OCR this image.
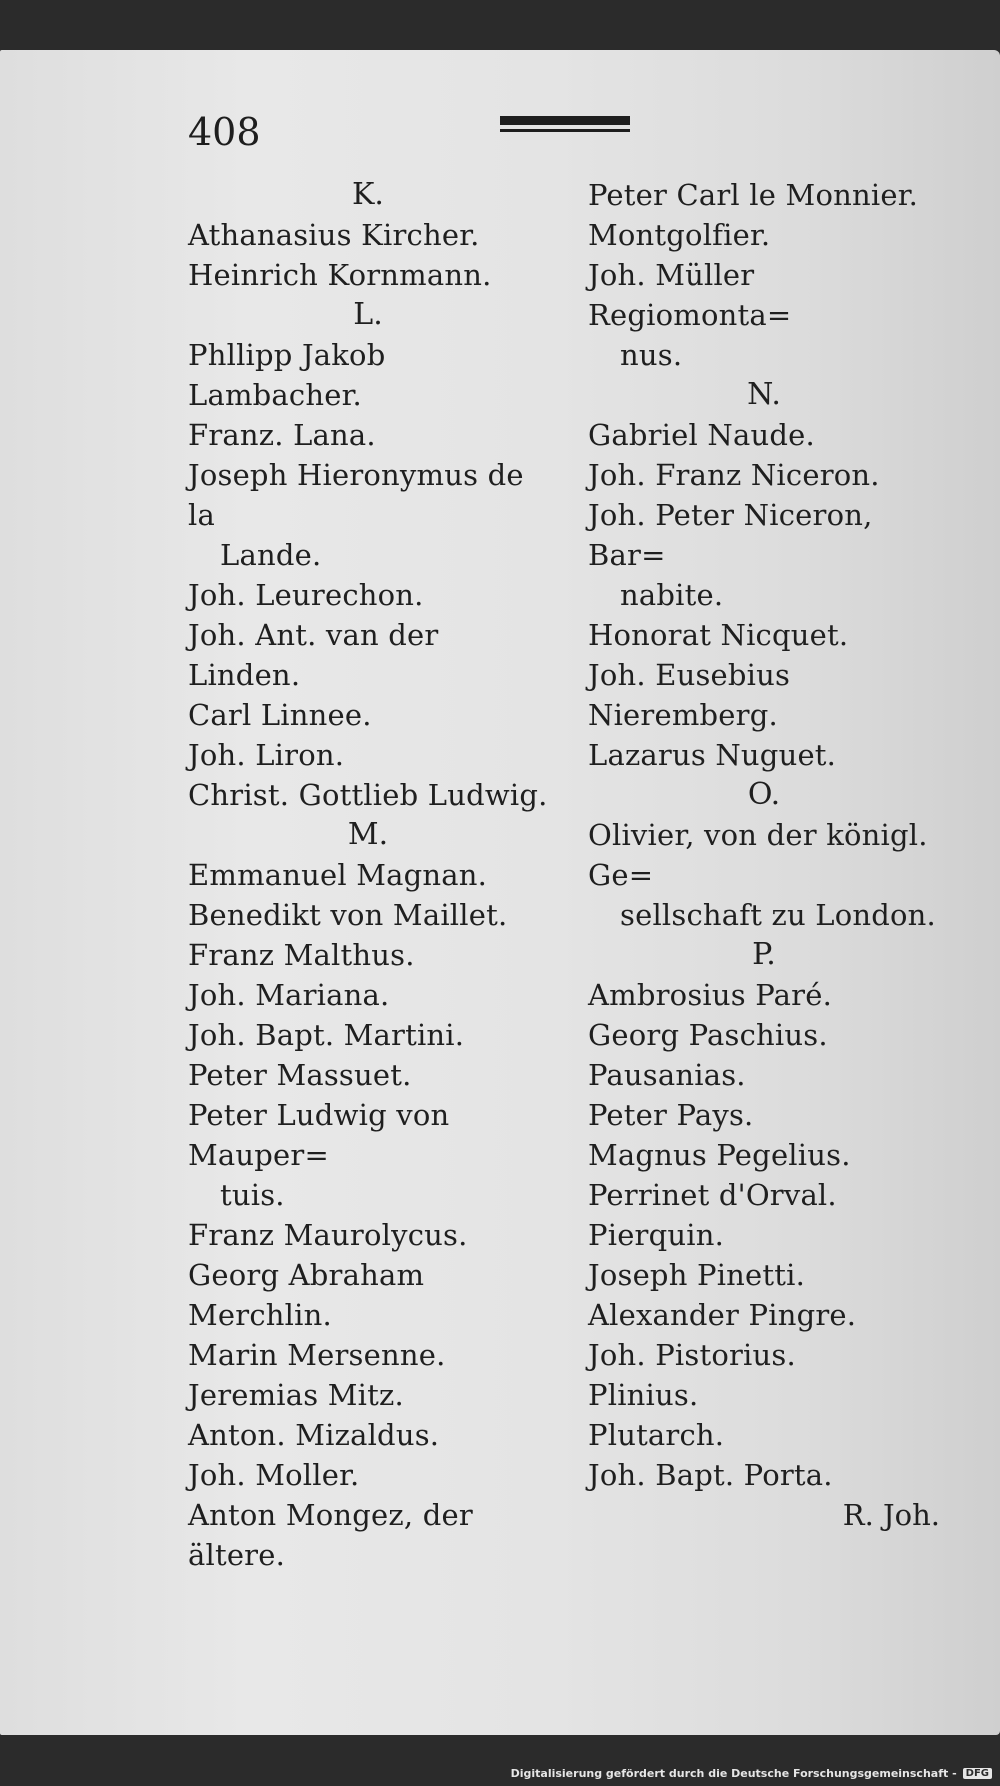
408
K.
Athanasius Kircher.
Heinrich Kornmann.
L.
Phllipp Jakob Lambacher.
Franz. Lana.
Joseph Hieronymus de la
Lande.
Joh. Leurechon.
Joh. Ant. van der Linden.
Carl Linnee.
Joh. Liron.
Christ. Gottlieb Ludwig.
M.
Emmanuel Magnan.
Benedikt von Maillet.
Franz Malthus.
Joh. Mariana.
Joh. Bapt. Martini.
Peter Massuet.
Peter Ludwig von Mauper=
tuis.
Franz Maurolycus.
Georg Abraham Merchlin.
Marin Mersenne.
Jeremias Mitz.
Anton. Mizaldus.
Joh. Moller.
Anton Mongez, der ältere.
Peter Carl le Monnier.
Montgolfier.
Joh. Müller Regiomonta=
nus.
N.
Gabriel Naude.
Joh. Franz Niceron.
Joh. Peter Niceron, Bar=
nabite.
Honorat Nicquet.
Joh. Eusebius Nieremberg.
Lazarus Nuguet.
O.
Olivier, von der königl. Ge=
sellschaft zu London.
P.
Ambrosius Paré.
Georg Paschius.
Pausanias.
Peter Pays.
Magnus Pegelius.
Perrinet d'Orval.
Pierquin.
Joseph Pinetti.
Alexander Pingre.
Joh. Pistorius.
Plinius.
Plutarch.
Joh. Bapt. Porta.
R. Joh.
Digitalisierung gefördert durch die Deutsche Forschungsgemeinschaft - DFG
